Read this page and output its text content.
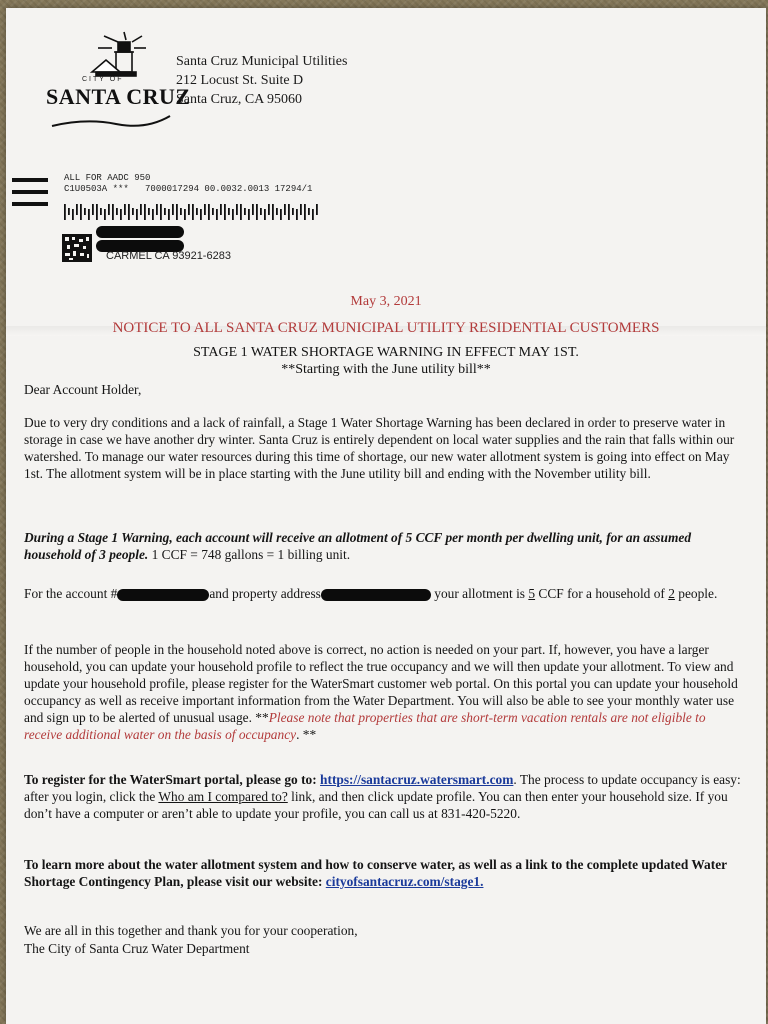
CITY OF
SANTA CRUZ
Santa Cruz Municipal Utilities
212 Locust St. Suite D
Santa Cruz, CA 95060
ALL FOR AADC 950
C1U0503A ***   7000017294 00.0032.0013 17294/1
CARMEL CA 93921-6283
May 3, 2021
NOTICE TO ALL SANTA CRUZ MUNICIPAL UTILITY RESIDENTIAL CUSTOMERS
STAGE 1 WATER SHORTAGE WARNING IN EFFECT MAY 1ST.
**Starting with the June utility bill**

Dear Account Holder,

Due to very dry conditions and a lack of rainfall, a Stage 1 Water Shortage Warning has been declared in order to preserve water in storage in case we have another dry winter. Santa Cruz is entirely dependent on local water supplies and the rain that falls within our watershed. To manage our water resources during this time of shortage, our new water allotment system is going into effect on May 1st. The allotment system will be in place starting with the June utility bill and ending with the November utility bill.

During a Stage 1 Warning, each account will receive an allotment of 5 CCF per month per dwelling unit, for an assumed household of 3 people. 1 CCF = 748 gallons = 1 billing unit.

For the account #	and property address	your allotment is 5 CCF for a household of 2 people.

If the number of people in the household noted above is correct, no action is needed on your part. If, however, you have a larger household, you can update your household profile to reflect the true occupancy and we will then update your allotment. To view and update your household profile, please register for the WaterSmart customer web portal. On this portal you can update your household occupancy as well as receive important information from the Water Department. You will also be able to see your monthly water use and sign up to be alerted of unusual usage. **Please note that properties that are short-term vacation rentals are not eligible to receive additional water on the basis of occupancy. **

To register for the WaterSmart portal, please go to: https://santacruz.watersmart.com. The process to update occupancy is easy: after you login, click the Who am I compared to? link, and then click update profile. You can then enter your household size. If you don’t have a computer or aren’t able to update your profile, you can call us at 831-420-5220.

To learn more about the water allotment system and how to conserve water, as well as a link to the complete updated Water Shortage Contingency Plan, please visit our website: cityofsantacruz.com/stage1.

We are all in this together and thank you for your cooperation,

The City of Santa Cruz Water Department
